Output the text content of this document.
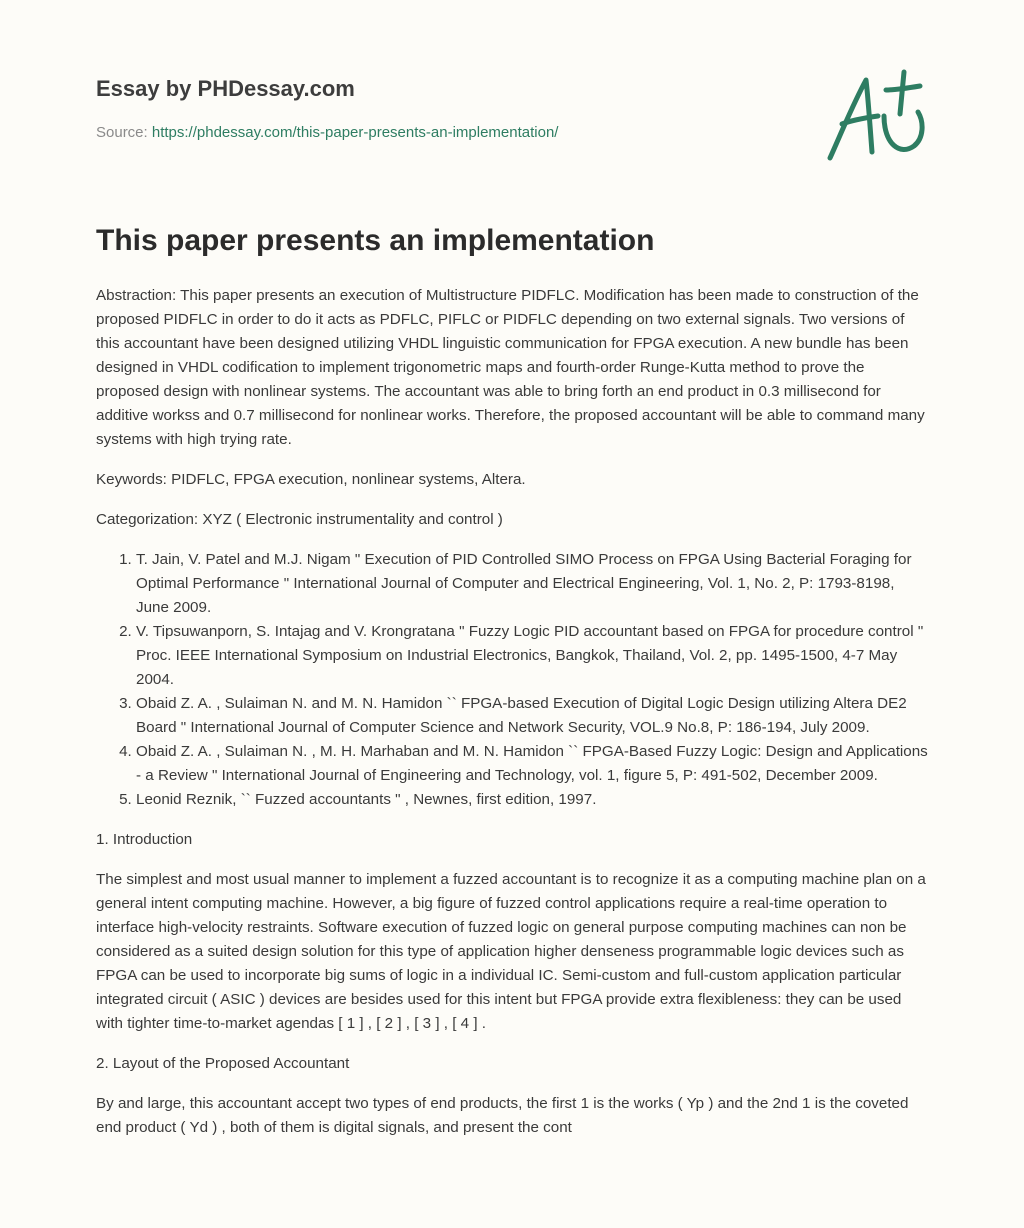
Essay by PHDessay.com
Source: https://phdessay.com/this-paper-presents-an-implementation/
This paper presents an implementation

Abstraction: This paper presents an execution of Multistructure PIDFLC. Modification has been made to construction of the proposed PIDFLC in order to do it acts as PDFLC, PIFLC or PIDFLC depending on two external signals. Two versions of this accountant have been designed utilizing VHDL linguistic communication for FPGA execution. A new bundle has been designed in VHDL codification to implement trigonometric maps and fourth-order Runge-Kutta method to prove the proposed design with nonlinear systems. The accountant was able to bring forth an end product in 0.3 millisecond for additive workss and 0.7 millisecond for nonlinear works. Therefore, the proposed accountant will be able to command many systems with high trying rate.

Keywords: PIDFLC, FPGA execution, nonlinear systems, Altera.

Categorization: XYZ ( Electronic instrumentality and control )

1. T. Jain, V. Patel and M.J. Nigam " Execution of PID Controlled SIMO Process on FPGA Using Bacterial Foraging for Optimal Performance " International Journal of Computer and Electrical Engineering, Vol. 1, No. 2, P: 1793-8198, June 2009.
2. V. Tipsuwanporn, S. Intajag and V. Krongratana " Fuzzy Logic PID accountant based on FPGA for procedure control " Proc. IEEE International Symposium on Industrial Electronics, Bangkok, Thailand, Vol. 2, pp. 1495-1500, 4-7 May 2004.
3. Obaid Z. A. , Sulaiman N. and M. N. Hamidon `` FPGA-based Execution of Digital Logic Design utilizing Altera DE2 Board " International Journal of Computer Science and Network Security, VOL.9 No.8, P: 186-194, July 2009.
4. Obaid Z. A. , Sulaiman N. , M. H. Marhaban and M. N. Hamidon `` FPGA-Based Fuzzy Logic: Design and Applications - a Review " International Journal of Engineering and Technology, vol. 1, figure 5, P: 491-502, December 2009.
5. Leonid Reznik, `` Fuzzed accountants " , Newnes, first edition, 1997.

1. Introduction

The simplest and most usual manner to implement a fuzzed accountant is to recognize it as a computing machine plan on a general intent computing machine. However, a big figure of fuzzed control applications require a real-time operation to interface high-velocity restraints. Software execution of fuzzed logic on general purpose computing machines can non be considered as a suited design solution for this type of application higher denseness programmable logic devices such as FPGA can be used to incorporate big sums of logic in a individual IC. Semi-custom and full-custom application particular integrated circuit ( ASIC ) devices are besides used for this intent but FPGA provide extra flexibleness: they can be used with tighter time-to-market agendas [ 1 ] , [ 2 ] , [ 3 ] , [ 4 ] .

2. Layout of the Proposed Accountant

By and large, this accountant accept two types of end products, the first 1 is the works ( Yp ) and the 2nd 1 is the coveted end product ( Yd ) , both of them is digital signals, and present the cont
